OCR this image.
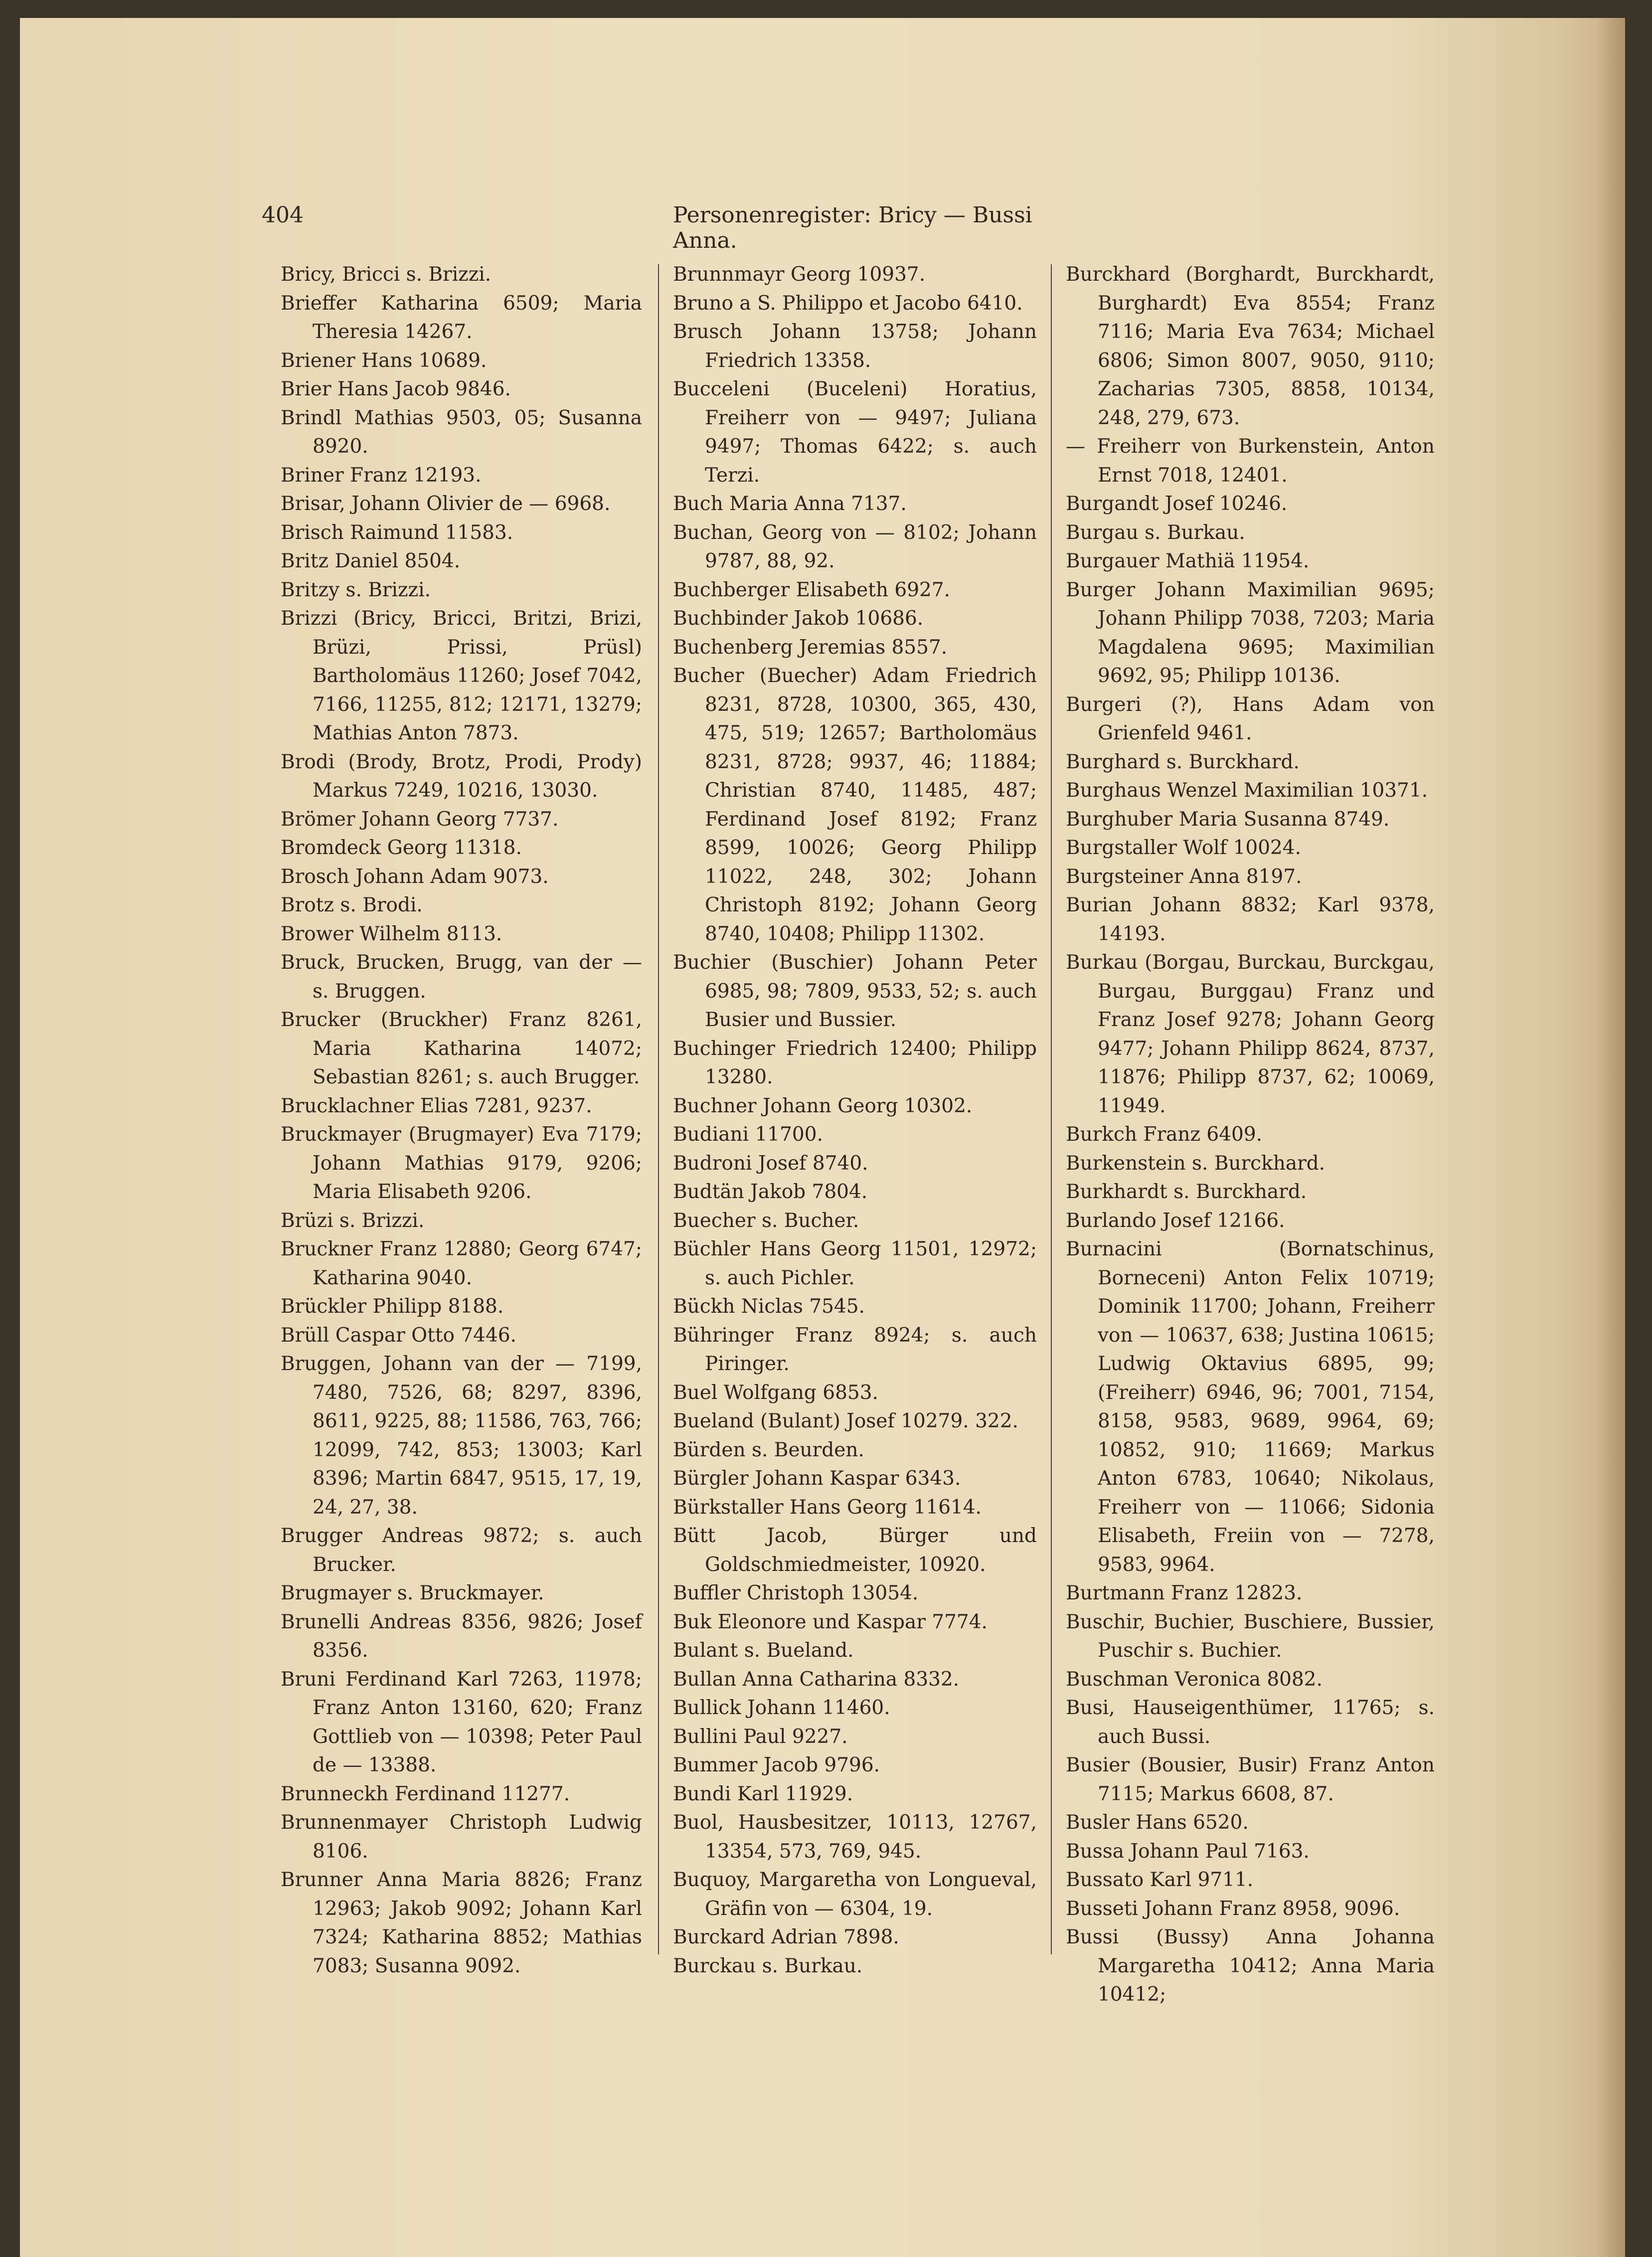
404	Personenregister: Bricy — Bussi Anna.

Bricy, Bricci s. Brizzi.

Brieffer Katharina 6509; Maria Theresia 14267.

Briener Hans 10689.

Brier Hans Jacob 9846.

Brindl Mathias 9503, 05; Susanna 8920.

Briner Franz 12193.

Brisar, Johann Olivier de — 6968.

Brisch Raimund 11583.

Britz Daniel 8504.

Britzy s. Brizzi.

Brizzi (Bricy, Bricci, Britzi, Brizi, Brüzi, Prissi, Prüsl) Bartholomäus 11260; Josef 7042, 7166, 11255, 812; 12171, 13279; Mathias Anton 7873.

Brodi (Brody, Brotz, Prodi, Prody) Markus 7249, 10216, 13030.

Brömer Johann Georg 7737.

Bromdeck Georg 11318.

Brosch Johann Adam 9073.

Brotz s. Brodi.

Brower Wilhelm 8113.

Bruck, Brucken, Brugg, van der — s. Bruggen.

Brucker (Bruckher) Franz 8261, Maria Katharina 14072; Sebastian 8261; s. auch Brugger.

Brucklachner Elias 7281, 9237.

Bruckmayer (Brugmayer) Eva 7179; Johann Mathias 9179, 9206; Maria Elisabeth 9206.

Brüzi s. Brizzi.

Bruckner Franz 12880; Georg 6747; Katharina 9040.

Brückler Philipp 8188.

Brüll Caspar Otto 7446.

Bruggen, Johann van der — 7199, 7480, 7526, 68; 8297, 8396, 8611, 9225, 88; 11586, 763, 766; 12099, 742, 853; 13003; Karl 8396; Martin 6847, 9515, 17, 19, 24, 27, 38.

Brugger Andreas 9872; s. auch Brucker.

Brugmayer s. Bruckmayer.

Brunelli Andreas 8356, 9826; Josef 8356.

Bruni Ferdinand Karl 7263, 11978; Franz Anton 13160, 620; Franz Gottlieb von — 10398; Peter Paul de — 13388.

Brunneckh Ferdinand 11277.

Brunnenmayer Christoph Ludwig 8106.

Brunner Anna Maria 8826; Franz 12963; Jakob 9092; Johann Karl 7324; Katharina 8852; Mathias 7083; Susanna 9092.

Brunnmayr Georg 10937.

Bruno a S. Philippo et Jacobo 6410.

Brusch Johann 13758; Johann Friedrich 13358.

Bucceleni (Buceleni) Horatius, Freiherr von — 9497; Juliana 9497; Thomas 6422; s. auch Terzi.

Buch Maria Anna 7137.

Buchan, Georg von — 8102; Johann 9787, 88, 92.

Buchberger Elisabeth 6927.

Buchbinder Jakob 10686.

Buchenberg Jeremias 8557.

Bucher (Buecher) Adam Friedrich 8231, 8728, 10300, 365, 430, 475, 519; 12657; Bartholomäus 8231, 8728; 9937, 46; 11884; Christian 8740, 11485, 487; Ferdinand Josef 8192; Franz 8599, 10026; Georg Philipp 11022, 248, 302; Johann Christoph 8192; Johann Georg 8740, 10408; Philipp 11302.

Buchier (Buschier) Johann Peter 6985, 98; 7809, 9533, 52; s. auch Busier und Bussier.

Buchinger Friedrich 12400; Philipp 13280.

Buchner Johann Georg 10302.

Budiani 11700.

Budroni Josef 8740.

Budtän Jakob 7804.

Buecher s. Bucher.

Büchler Hans Georg 11501, 12972; s. auch Pichler.

Bückh Niclas 7545.

Bühringer Franz 8924; s. auch Piringer.

Buel Wolfgang 6853.

Bueland (Bulant) Josef 10279. 322.

Bürden s. Beurden.

Bürgler Johann Kaspar 6343.

Bürkstaller Hans Georg 11614.

Bütt Jacob, Bürger und Goldschmiedmeister, 10920.

Buffler Christoph 13054.

Buk Eleonore und Kaspar 7774.

Bulant s. Bueland.

Bullan Anna Catharina 8332.

Bullick Johann 11460.

Bullini Paul 9227.

Bummer Jacob 9796.

Bundi Karl 11929.

Buol, Hausbesitzer, 10113, 12767, 13354, 573, 769, 945.

Buquoy, Margaretha von Longueval, Gräfin von — 6304, 19.

Burckard Adrian 7898.

Burckau s. Burkau.

Burckhard (Borghardt, Burckhardt, Burghardt) Eva 8554; Franz 7116; Maria Eva 7634; Michael 6806; Simon 8007, 9050, 9110; Zacharias 7305, 8858, 10134, 248, 279, 673.

— Freiherr von Burkenstein, Anton Ernst 7018, 12401.

Burgandt Josef 10246.

Burgau s. Burkau.

Burgauer Mathiä 11954.

Burger Johann Maximilian 9695; Johann Philipp 7038, 7203; Maria Magdalena 9695; Maximilian 9692, 95; Philipp 10136.

Burgeri (?), Hans Adam von Grienfeld 9461.

Burghard s. Burckhard.

Burghaus Wenzel Maximilian 10371.

Burghuber Maria Susanna 8749.

Burgstaller Wolf 10024.

Burgsteiner Anna 8197.

Burian Johann 8832; Karl 9378, 14193.

Burkau (Borgau, Burckau, Burckgau, Burgau, Burggau) Franz und Franz Josef 9278; Johann Georg 9477; Johann Philipp 8624, 8737, 11876; Philipp 8737, 62; 10069, 11949.

Burkch Franz 6409.

Burkenstein s. Burckhard.

Burkhardt s. Burckhard.

Burlando Josef 12166.

Burnacini (Bornatschinus, Borneceni) Anton Felix 10719; Dominik 11700; Johann, Freiherr von — 10637, 638; Justina 10615; Ludwig Oktavius 6895, 99; (Freiherr) 6946, 96; 7001, 7154, 8158, 9583, 9689, 9964, 69; 10852, 910; 11669; Markus Anton 6783, 10640; Nikolaus, Freiherr von — 11066; Sidonia Elisabeth, Freiin von — 7278, 9583, 9964.

Burtmann Franz 12823.

Buschir, Buchier, Buschiere, Bussier, Puschir s. Buchier.

Buschman Veronica 8082.

Busi, Hauseigenthümer, 11765; s. auch Bussi.

Busier (Bousier, Busir) Franz Anton 7115; Markus 6608, 87.

Busler Hans 6520.

Bussa Johann Paul 7163.

Bussato Karl 9711.

Busseti Johann Franz 8958, 9096.

Bussi (Bussy) Anna Johanna Margaretha 10412; Anna Maria 10412;
